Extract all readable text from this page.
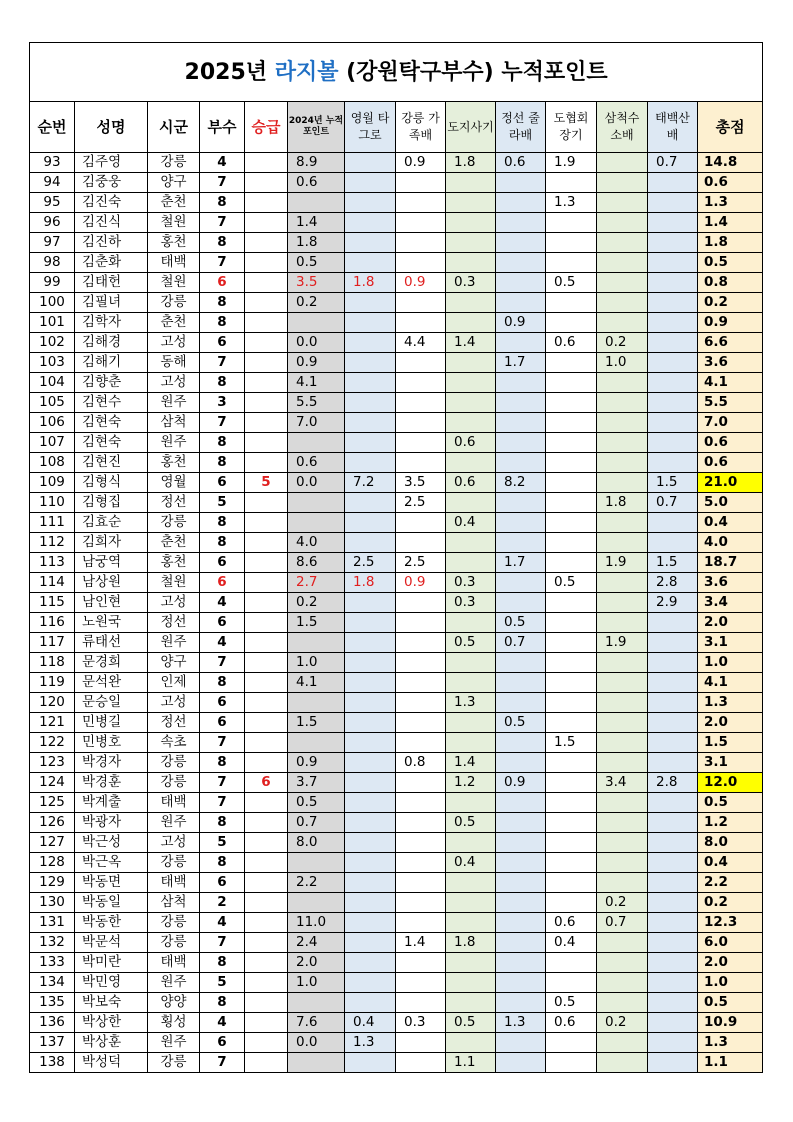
2025년 라지볼 (강원탁구부수) 누적포인트													
순번	성명	시군	부수	승급	2024년 누적포인트	영월 타그로	강릉 가족배	도지사기	정선 줄라배	도협회 장기	삼척수 소배	태백산 배	총점
93	김주영	강릉	4		8.9		0.9	1.8	0.6	1.9		0.7	14.8
94	김중웅	양구	7		0.6								0.6
95	김진숙	춘천	8							1.3			1.3
96	김진식	철원	7		1.4								1.4
97	김진하	홍천	8		1.8								1.8
98	김춘화	태백	7		0.5								0.5
99	김태헌	철원	6		3.5	1.8	0.9	0.3		0.5			0.8
100	김필녀	강릉	8		0.2								0.2
101	김학자	춘천	8						0.9				0.9
102	김해경	고성	6		0.0		4.4	1.4		0.6	0.2		6.6
103	김해기	동해	7		0.9				1.7		1.0		3.6
104	김향춘	고성	8		4.1								4.1
105	김현수	원주	3		5.5								5.5
106	김현숙	삼척	7		7.0								7.0
107	김현숙	원주	8					0.6					0.6
108	김현진	홍천	8		0.6								0.6
109	김형식	영월	6	5	0.0	7.2	3.5	0.6	8.2			1.5	21.0
110	김형집	정선	5				2.5				1.8	0.7	5.0
111	김효순	강릉	8					0.4					0.4
112	김희자	춘천	8		4.0								4.0
113	남궁역	홍천	6		8.6	2.5	2.5		1.7		1.9	1.5	18.7
114	남상원	철원	6		2.7	1.8	0.9	0.3		0.5		2.8	3.6
115	남인현	고성	4		0.2			0.3				2.9	3.4
116	노원국	정선	6		1.5				0.5				2.0
117	류태선	원주	4					0.5	0.7		1.9		3.1
118	문경희	양구	7		1.0								1.0
119	문석완	인제	8		4.1								4.1
120	문승일	고성	6					1.3					1.3
121	민병길	정선	6		1.5				0.5				2.0
122	민병호	속초	7							1.5			1.5
123	박경자	강릉	8		0.9		0.8	1.4					3.1
124	박경훈	강릉	7	6	3.7			1.2	0.9		3.4	2.8	12.0
125	박계출	태백	7		0.5								0.5
126	박광자	원주	8		0.7			0.5					1.2
127	박근성	고성	5		8.0								8.0
128	박근옥	강릉	8					0.4					0.4
129	박동면	태백	6		2.2								2.2
130	박동일	삼척	2								0.2		0.2
131	박동한	강릉	4		11.0					0.6	0.7		12.3
132	박문석	강릉	7		2.4		1.4	1.8		0.4			6.0
133	박미란	태백	8		2.0								2.0
134	박민영	원주	5		1.0								1.0
135	박보숙	양양	8							0.5			0.5
136	박상한	횡성	4		7.6	0.4	0.3	0.5	1.3	0.6	0.2		10.9
137	박상훈	원주	6		0.0	1.3							1.3
138	박성덕	강릉	7					1.1					1.1
